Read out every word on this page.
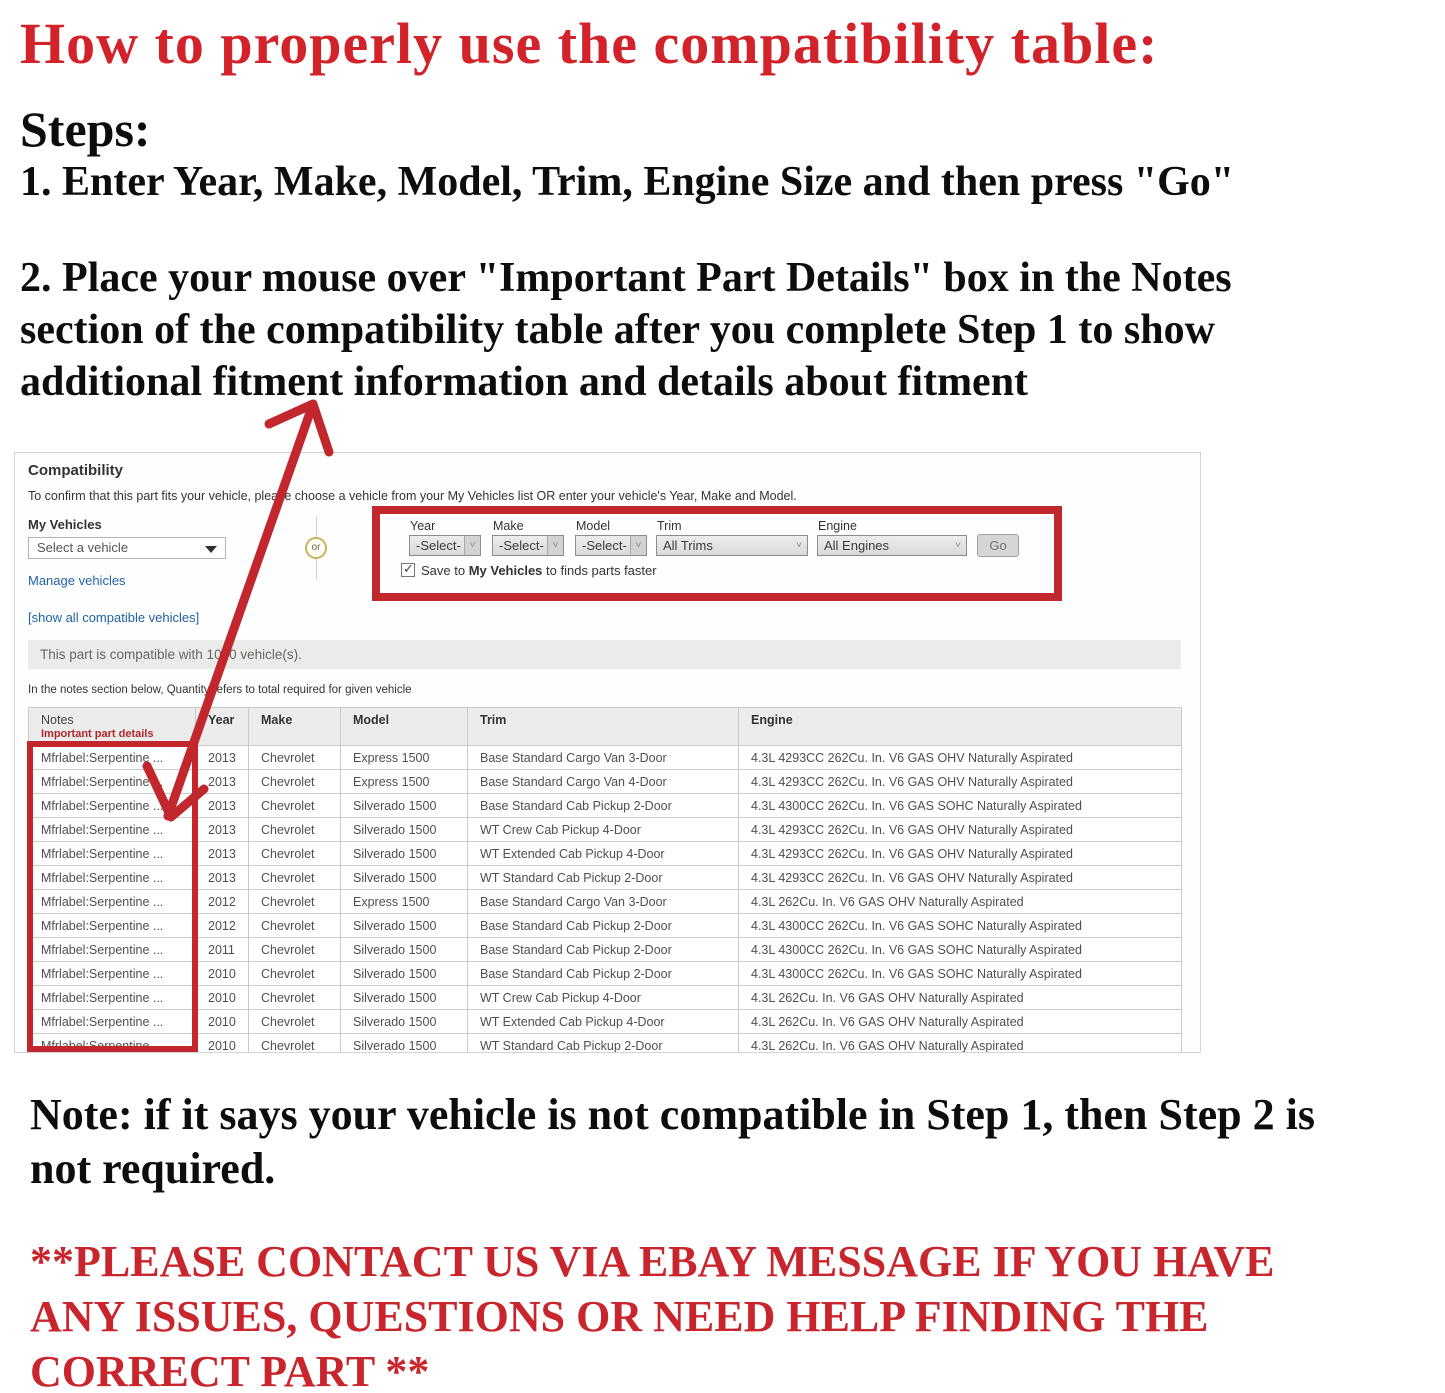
How to properly use the compatibility table:
Steps:
1. Enter Year, Make, Model, Trim, Engine Size and then press "Go"
2. Place your mouse over "Important Part Details" box in the Notes
section of the compatibility table after you complete Step 1 to show
additional fitment information and details about fitment
Compatibility
To confirm that this part fits your vehicle, please choose a vehicle from your My Vehicles list OR enter your vehicle's Year, Make and Model.
My Vehicles
Select a vehicle
Manage vehicles
[show all compatible vehicles]
or
Year	Make	Model	Trim	Engine
-Select- ˅	-Select- ˅	-Select- ˅	All Trims	˅	All Engines	˅	Go
✓Save to My Vehicles to finds parts faster
This part is compatible with 1000 vehicle(s).
In the notes section below, Quantity refers to total required for given vehicle
Notes
Important part details	Year	Make	Model	Trim	Engine
Mfrlabel:Serpentine ...	2013	Chevrolet	Express 1500	Base Standard Cargo Van 3-Door	4.3L 4293CC 262Cu. In. V6 GAS OHV Naturally Aspirated
Mfrlabel:Serpentine ...	2013	Chevrolet	Express 1500	Base Standard Cargo Van 4-Door	4.3L 4293CC 262Cu. In. V6 GAS OHV Naturally Aspirated
Mfrlabel:Serpentine ...	2013	Chevrolet	Silverado 1500	Base Standard Cab Pickup 2-Door	4.3L 4300CC 262Cu. In. V6 GAS SOHC Naturally Aspirated
Mfrlabel:Serpentine ...	2013	Chevrolet	Silverado 1500	WT Crew Cab Pickup 4-Door	4.3L 4293CC 262Cu. In. V6 GAS OHV Naturally Aspirated
Mfrlabel:Serpentine ...	2013	Chevrolet	Silverado 1500	WT Extended Cab Pickup 4-Door	4.3L 4293CC 262Cu. In. V6 GAS OHV Naturally Aspirated
Mfrlabel:Serpentine ...	2013	Chevrolet	Silverado 1500	WT Standard Cab Pickup 2-Door	4.3L 4293CC 262Cu. In. V6 GAS OHV Naturally Aspirated
Mfrlabel:Serpentine ...	2012	Chevrolet	Express 1500	Base Standard Cargo Van 3-Door	4.3L 262Cu. In. V6 GAS OHV Naturally Aspirated
Mfrlabel:Serpentine ...	2012	Chevrolet	Silverado 1500	Base Standard Cab Pickup 2-Door	4.3L 4300CC 262Cu. In. V6 GAS SOHC Naturally Aspirated
Mfrlabel:Serpentine ...	2011	Chevrolet	Silverado 1500	Base Standard Cab Pickup 2-Door	4.3L 4300CC 262Cu. In. V6 GAS SOHC Naturally Aspirated
Mfrlabel:Serpentine ...	2010	Chevrolet	Silverado 1500	Base Standard Cab Pickup 2-Door	4.3L 4300CC 262Cu. In. V6 GAS SOHC Naturally Aspirated
Mfrlabel:Serpentine ...	2010	Chevrolet	Silverado 1500	WT Crew Cab Pickup 4-Door	4.3L 262Cu. In. V6 GAS OHV Naturally Aspirated
Mfrlabel:Serpentine ...	2010	Chevrolet	Silverado 1500	WT Extended Cab Pickup 4-Door	4.3L 262Cu. In. V6 GAS OHV Naturally Aspirated
Mfrlabel:Serpentine	2010	Chevrolet	Silverado 1500	WT Standard Cab Pickup 2-Door	4.3L 262Cu. In. V6 GAS OHV Naturally Aspirated
Note: if it says your vehicle is not compatible in Step 1, then Step 2 is
not required.
**PLEASE CONTACT US VIA EBAY MESSAGE IF YOU HAVE
ANY ISSUES, QUESTIONS OR NEED HELP FINDING THE
CORRECT PART **
